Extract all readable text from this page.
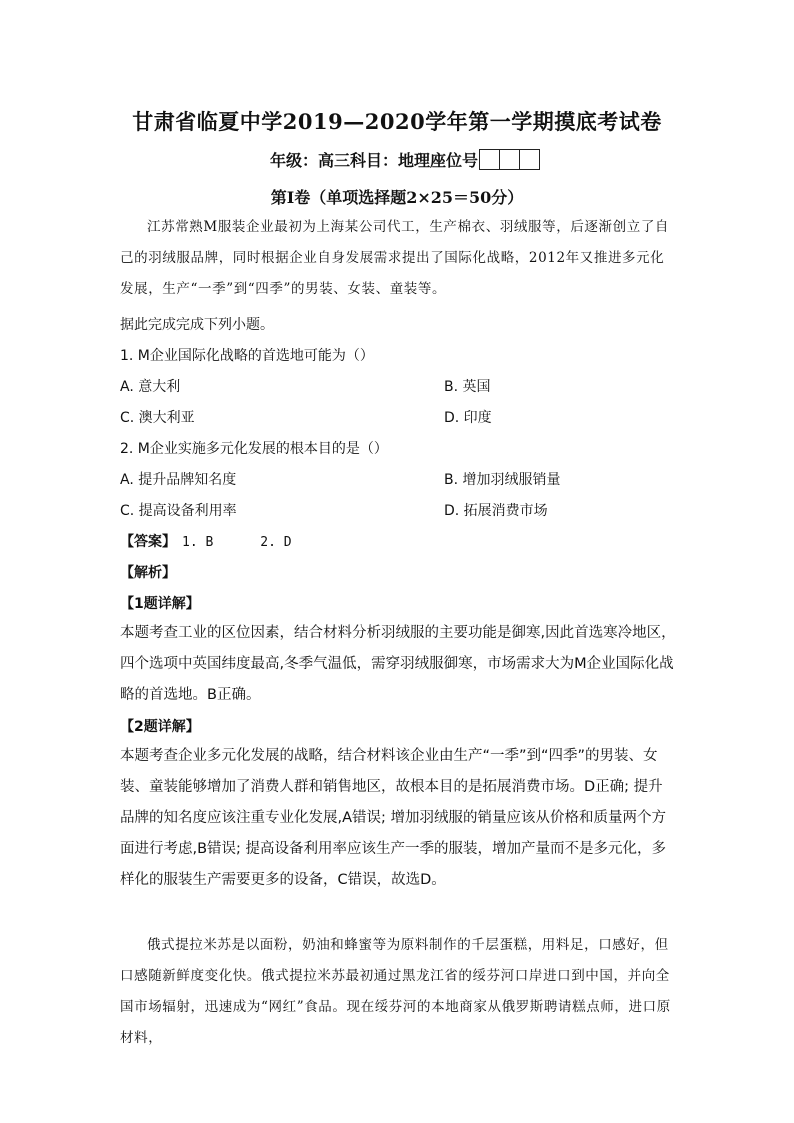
甘肃省临夏中学2019—2020学年第一学期摸底考试卷
年级：高三科目：地理座位号
第Ⅰ卷（单项选择题2×25＝50分）
江苏常熟M服装企业最初为上海某公司代工，生产棉衣、羽绒服等，后逐渐创立了自己的羽绒服品牌，同时根据企业自身发展需求提出了国际化战略，2012年又推进多元化发展，生产“一季”到“四季”的男装、女装、童装等。
据此完成完成下列小题。
1. M企业国际化战略的首选地可能为（）
A. 意大利	B. 英国
C. 澳大利亚	D. 印度
2. M企业实施多元化发展的根本目的是（）
A. 提升品牌知名度	B. 增加羽绒服销量
C. 提高设备利用率	D. 拓展消费市场
【答案】 1. B      2. D
【解析】
【1题详解】
本题考查工业的区位因素，结合材料分析羽绒服的主要功能是御寒,因此首选寒冷地区，四个选项中英国纬度最高,冬季气温低，需穿羽绒服御寒，市场需求大为M企业国际化战略的首选地。B正确。
【2题详解】
本题考查企业多元化发展的战略，结合材料该企业由生产“一季”到“四季”的男装、女装、童装能够增加了消费人群和销售地区，故根本目的是拓展消费市场。D正确; 提升品牌的知名度应该注重专业化发展,A错误; 增加羽绒服的销量应该从价格和质量两个方面进行考虑,B错误; 提高设备利用率应该生产一季的服装，增加产量而不是多元化，多样化的服装生产需要更多的设备，C错误，故选D。
俄式提拉米苏是以面粉，奶油和蜂蜜等为原料制作的千层蛋糕，用料足，口感好，但口感随新鲜度变化快。俄式提拉米苏最初通过黑龙江省的绥芬河口岸进口到中国，并向全国市场辐射，迅速成为“网红”食品。现在绥芬河的本地商家从俄罗斯聘请糕点师，进口原材料，
